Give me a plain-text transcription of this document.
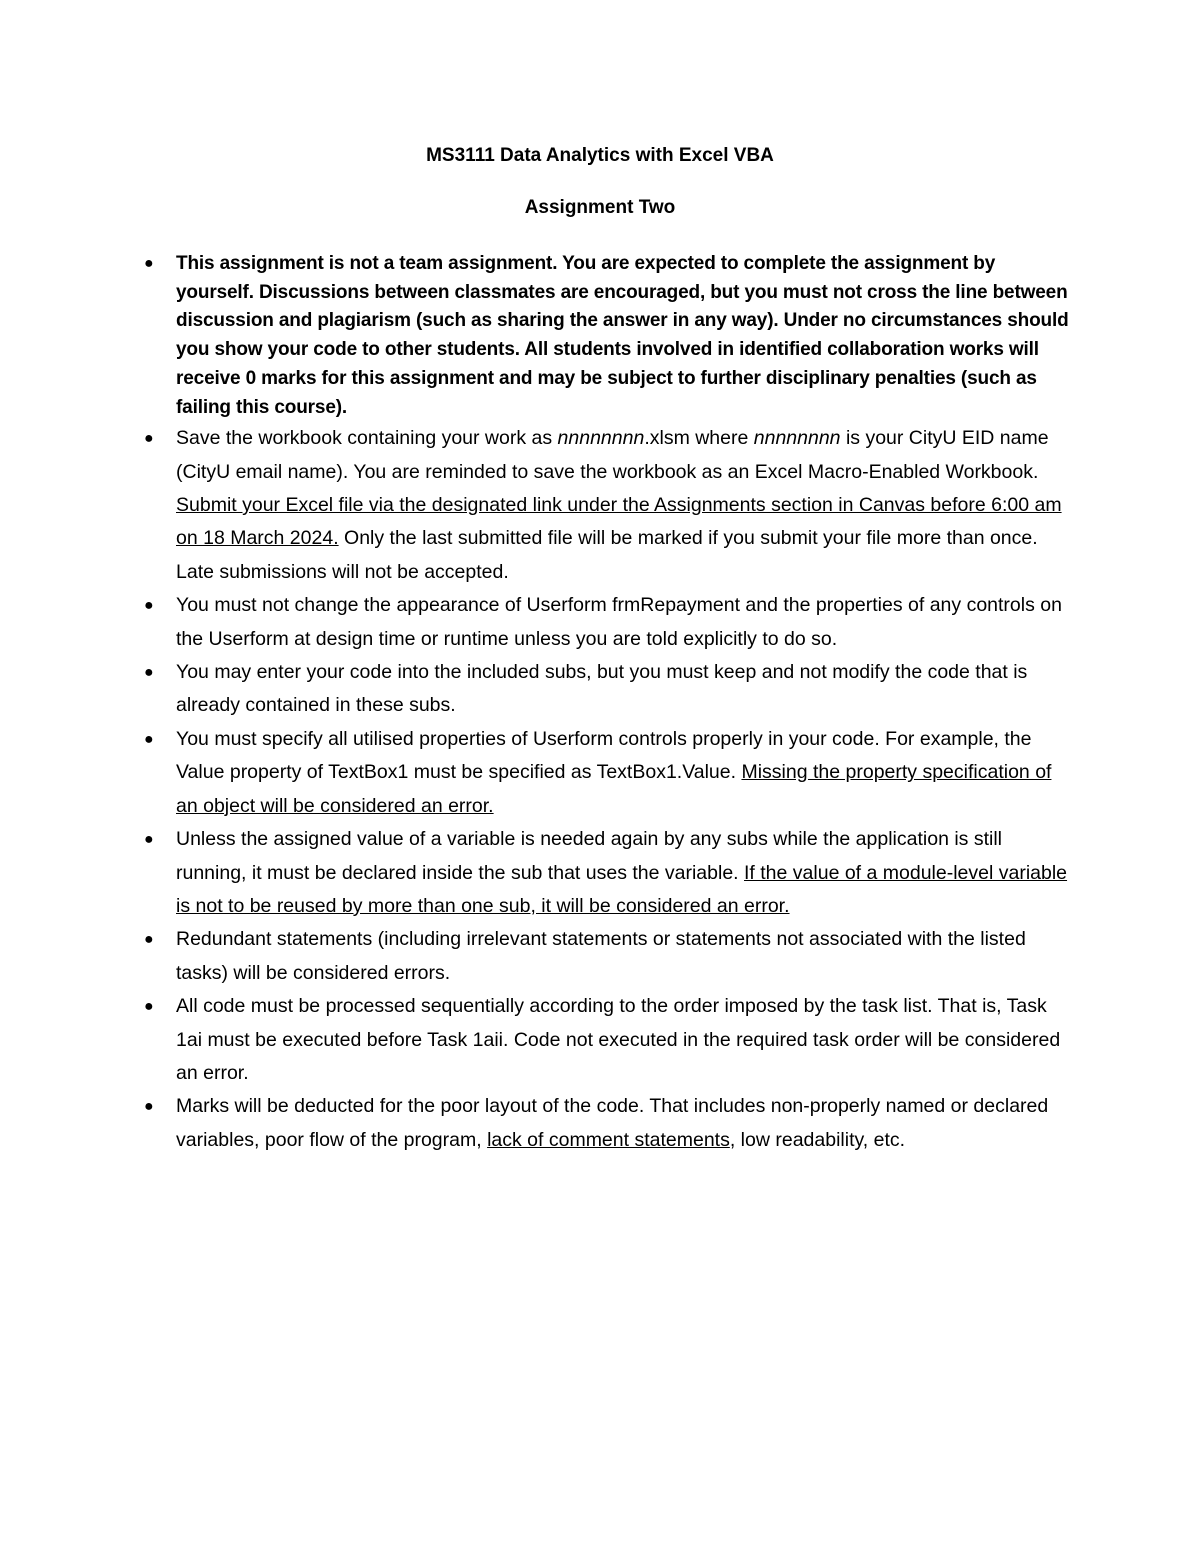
MS3111 Data Analytics with Excel VBA

Assignment Two

● This assignment is not a team assignment. You are expected to complete the assignment by yourself. Discussions between classmates are encouraged, but you must not cross the line between discussion and plagiarism (such as sharing the answer in any way). Under no circumstances should you show your code to other students. All students involved in identified collaboration works will receive 0 marks for this assignment and may be subject to further disciplinary penalties (such as failing this course).
● Save the workbook containing your work as nnnnnnnn.xlsm where nnnnnnnn is your CityU EID name (CityU email name). You are reminded to save the workbook as an Excel Macro-Enabled Workbook. Submit your Excel file via the designated link under the Assignments section in Canvas before 6:00 am on 18 March 2024. Only the last submitted file will be marked if you submit your file more than once. Late submissions will not be accepted.
● You must not change the appearance of Userform frmRepayment and the properties of any controls on the Userform at design time or runtime unless you are told explicitly to do so.
● You may enter your code into the included subs, but you must keep and not modify the code that is already contained in these subs.
● You must specify all utilised properties of Userform controls properly in your code. For example, the Value property of TextBox1 must be specified as TextBox1.Value. Missing the property specification of an object will be considered an error.
● Unless the assigned value of a variable is needed again by any subs while the application is still running, it must be declared inside the sub that uses the variable. If the value of a module-level variable is not to be reused by more than one sub, it will be considered an error.
● Redundant statements (including irrelevant statements or statements not associated with the listed tasks) will be considered errors.
● All code must be processed sequentially according to the order imposed by the task list. That is, Task 1ai must be executed before Task 1aii. Code not executed in the required task order will be considered an error.
● Marks will be deducted for the poor layout of the code. That includes non-properly named or declared variables, poor flow of the program, lack of comment statements, low readability, etc.
